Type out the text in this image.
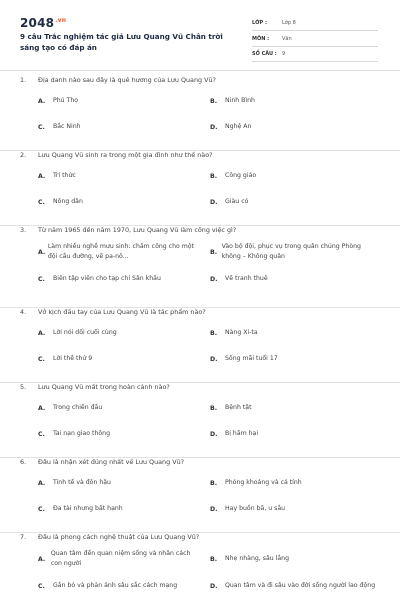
$2048^{.vn}$
9 câu Trắc nghiệm tác giả Lưu Quang Vũ Chân trời sáng tạo có đáp án
LỚP :	Lớp 8
MÔN :	Văn
SỐ CÂU :	9
1. Địa danh nào sau đây là quê hương của Lưu Quang Vũ?
A.	Phú Thọ	B.	Ninh Bình
C.	Bắc Ninh	D.	Nghệ An
2. Lưu Quang Vũ sinh ra trong một gia đình như thế nào?
A.	Trí thức	B.	Công giáo
C.	Nông dân	D.	Giàu có
3. Từ năm 1965 đến năm 1970, Lưu Quang Vũ làm công việc gì?
A.
Làm nhiều nghề mưu sinh: chấm công cho một đội cầu đường, vẽ pa-nô...
B.
Vào bộ đội, phục vụ trong quân chủng Phòng không – Không quân
C.	Biên tập viên cho tạp chí Sân khấu	D.	Vẽ tranh thuê
4. Vở kịch đầu tay của Lưu Quang Vũ là tác phẩm nào?
A.	Lời nói dối cuối cùng	B.	Nàng Xi-ta
C.	Lời thề thứ 9	D.	Sống mãi tuổi 17
5. Lưu Quang Vũ mất trong hoàn cảnh nào?
A.	Trong chiến đấu	B.	Bệnh tật
C.	Tai nạn giao thông	D.	Bị hãm hại
6. Đâu là nhận xét đúng nhất về Lưu Quang Vũ?
A.	Tinh tế và đôn hậu	B.	Phóng khoáng và cá tính
C.	Đa tài nhưng bất hạnh	D.	Hay buồn bã, u sầu
7. Đâu là phong cách nghệ thuật của Lưu Quang Vũ?
A.
Quan tâm đến quan niệm sống và nhân cách con người
B.	Nhẹ nhàng, sâu lắng
C.	Gắn bó và phản ánh sâu sắc cách mạng	D.	Quan tâm và đi sâu vào đời sống người lao động
